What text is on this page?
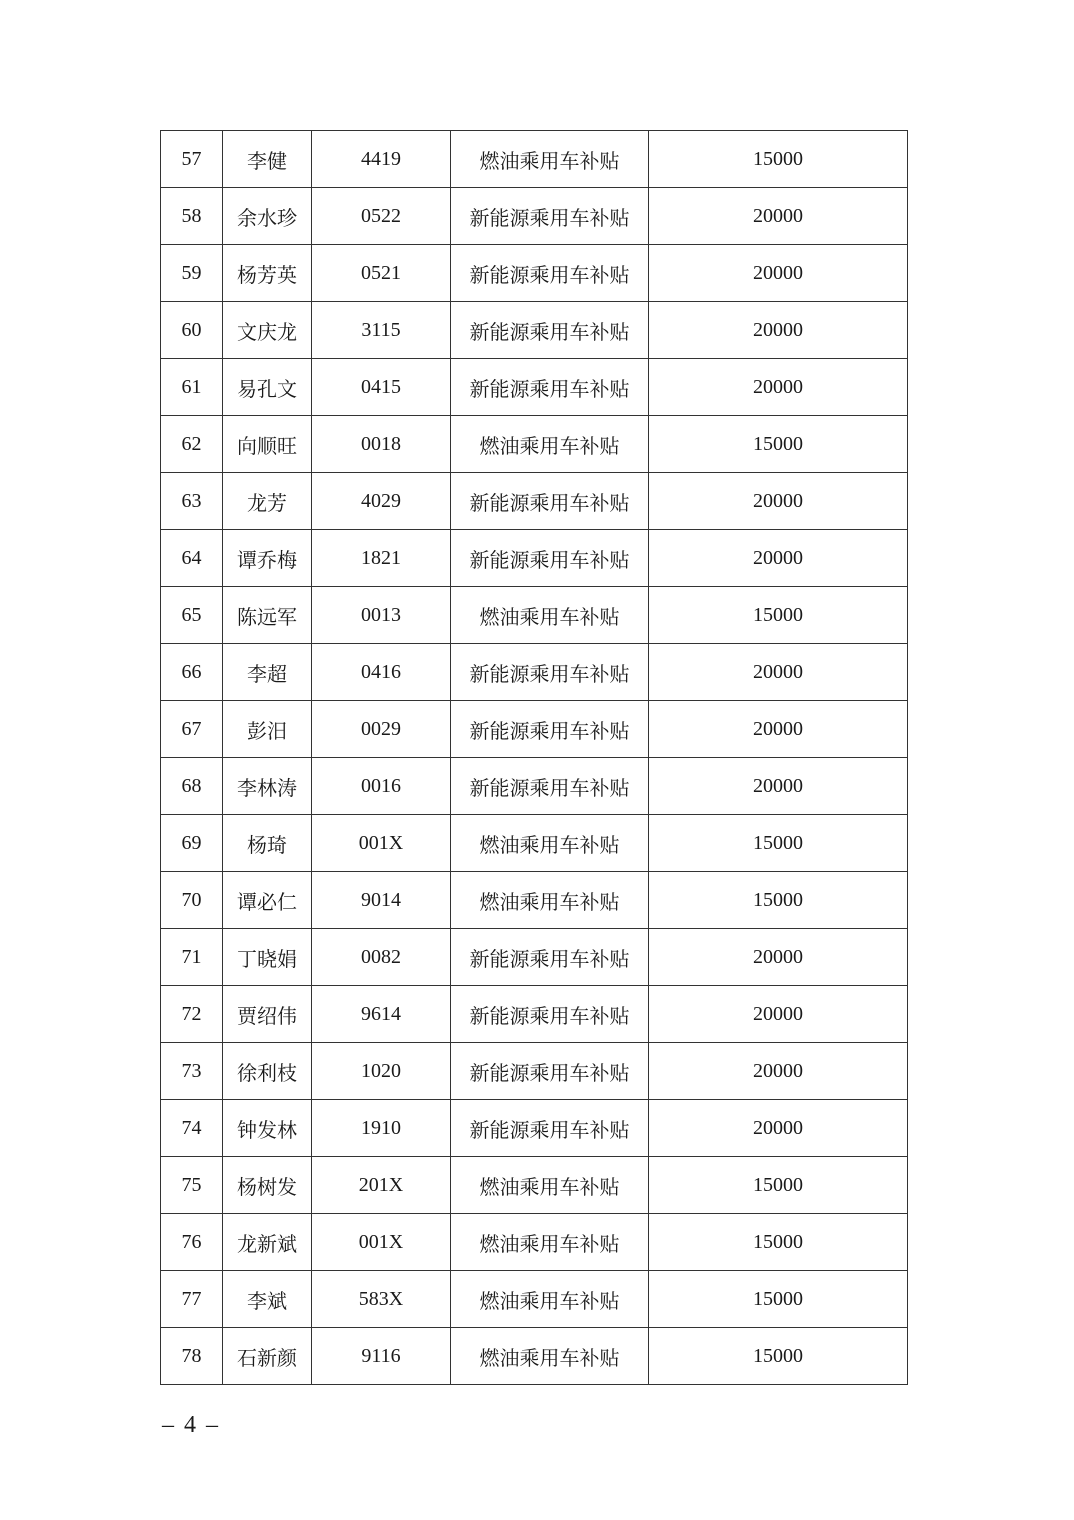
57	李健	4419	燃油乘用车补贴	15000
58	余水珍	0522	新能源乘用车补贴	20000
59	杨芳英	0521	新能源乘用车补贴	20000
60	文庆龙	3115	新能源乘用车补贴	20000
61	易孔文	0415	新能源乘用车补贴	20000
62	向顺旺	0018	燃油乘用车补贴	15000
63	龙芳	4029	新能源乘用车补贴	20000
64	谭乔梅	1821	新能源乘用车补贴	20000
65	陈远军	0013	燃油乘用车补贴	15000
66	李超	0416	新能源乘用车补贴	20000
67	彭汨	0029	新能源乘用车补贴	20000
68	李林涛	0016	新能源乘用车补贴	20000
69	杨琦	001X	燃油乘用车补贴	15000
70	谭必仁	9014	燃油乘用车补贴	15000
71	丁晓娟	0082	新能源乘用车补贴	20000
72	贾绍伟	9614	新能源乘用车补贴	20000
73	徐利枝	1020	新能源乘用车补贴	20000
74	钟发林	1910	新能源乘用车补贴	20000
75	杨树发	201X	燃油乘用车补贴	15000
76	龙新斌	001X	燃油乘用车补贴	15000
77	李斌	583X	燃油乘用车补贴	15000
78	石新颜	9116	燃油乘用车补贴	15000
– 4 –
